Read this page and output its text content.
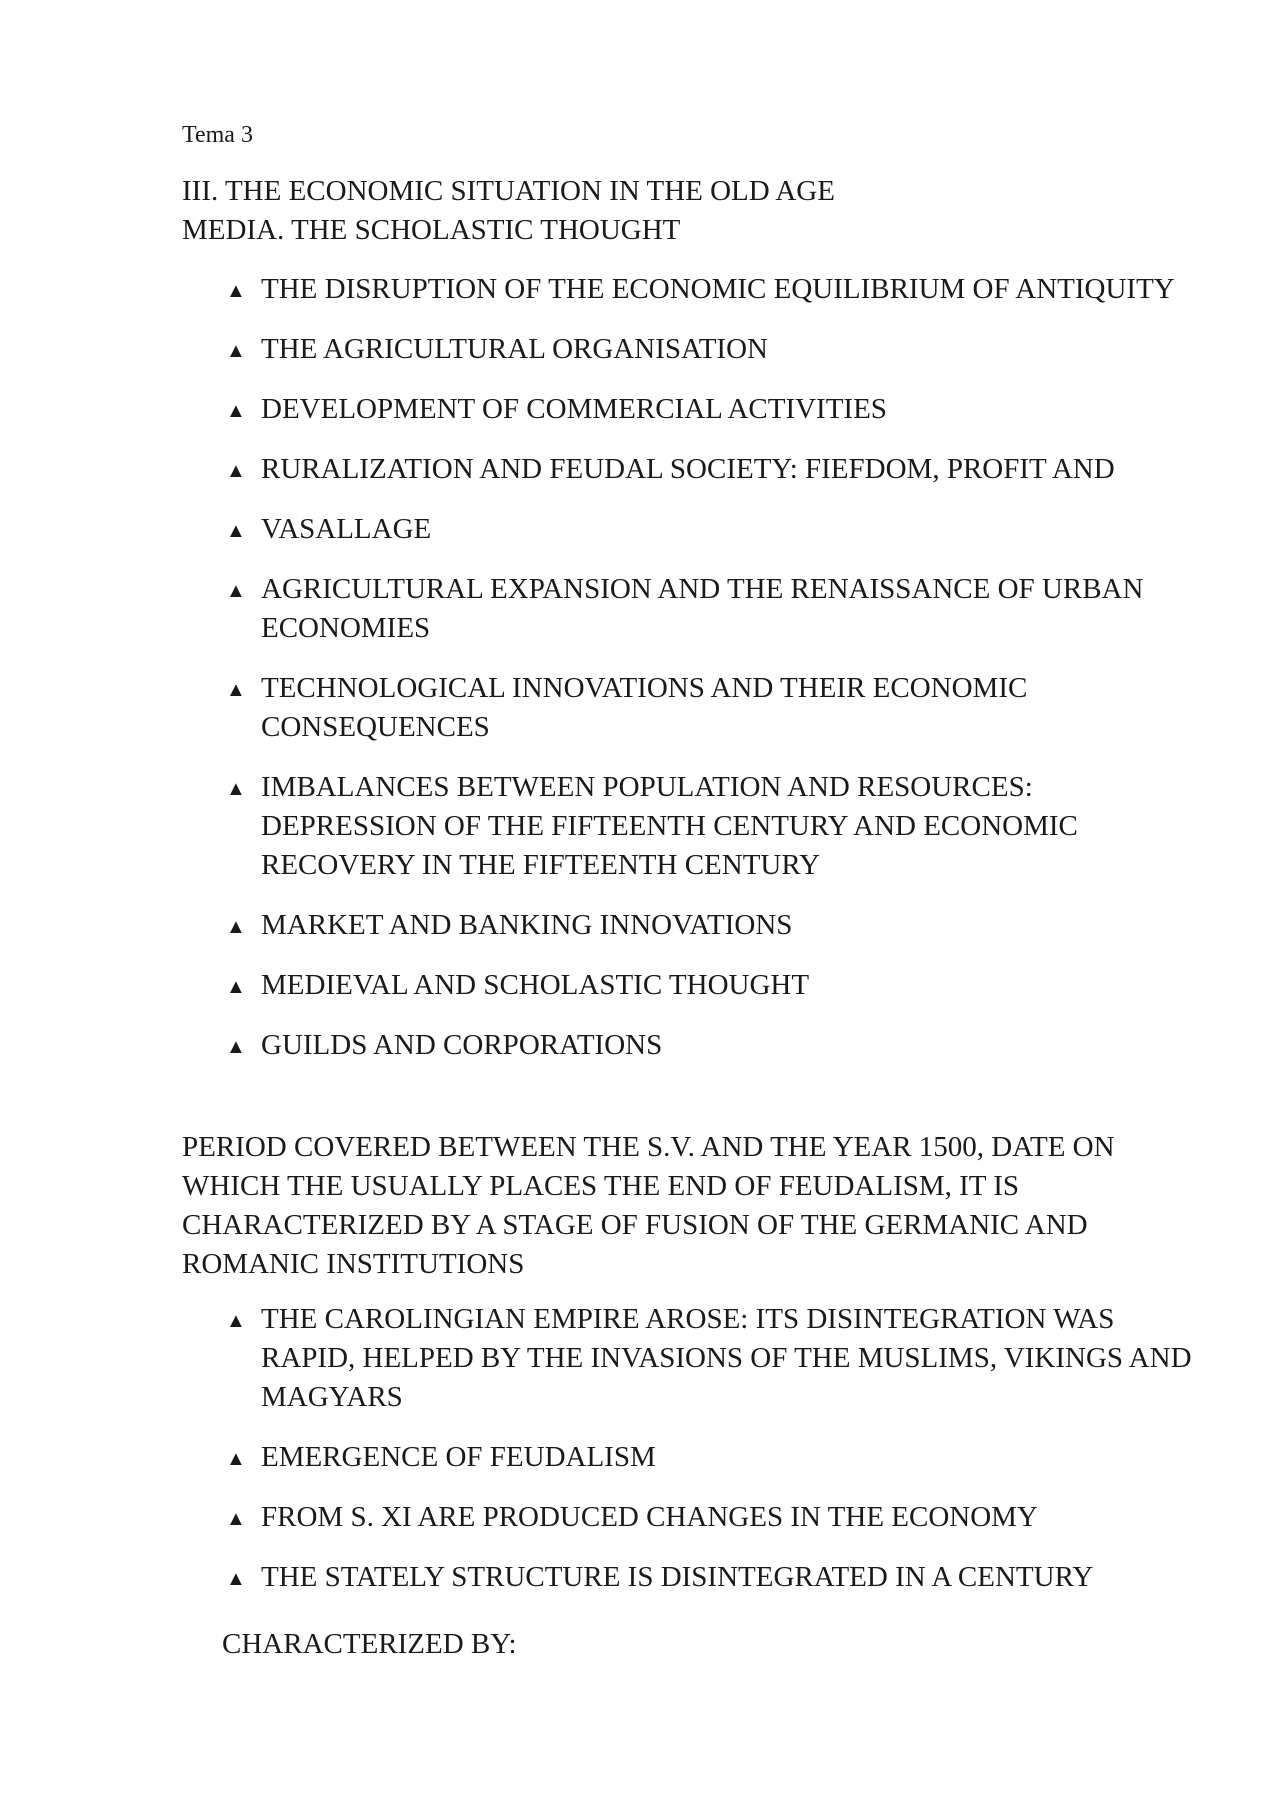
Tema 3
III. THE ECONOMIC SITUATION IN THE OLD AGE
MEDIA. THE SCHOLASTIC THOUGHT
▲ THE DISRUPTION OF THE ECONOMIC EQUILIBRIUM OF ANTIQUITY
▲ THE AGRICULTURAL ORGANISATION
▲ DEVELOPMENT OF COMMERCIAL ACTIVITIES
▲ RURALIZATION AND FEUDAL SOCIETY: FIEFDOM, PROFIT AND
▲ VASALLAGE
▲ AGRICULTURAL EXPANSION AND THE RENAISSANCE OF URBAN ECONOMIES
▲ TECHNOLOGICAL INNOVATIONS AND THEIR ECONOMIC CONSEQUENCES
▲ IMBALANCES BETWEEN POPULATION AND RESOURCES: DEPRESSION OF THE FIFTEENTH CENTURY AND ECONOMIC RECOVERY IN THE FIFTEENTH CENTURY
▲ MARKET AND BANKING INNOVATIONS
▲ MEDIEVAL AND SCHOLASTIC THOUGHT
▲ GUILDS AND CORPORATIONS
PERIOD COVERED BETWEEN THE S.V. AND THE YEAR 1500, DATE ON WHICH THE USUALLY PLACES THE END OF FEUDALISM, IT IS CHARACTERIZED BY A STAGE OF FUSION OF THE GERMANIC AND ROMANIC INSTITUTIONS
▲ THE CAROLINGIAN EMPIRE AROSE: ITS DISINTEGRATION WAS RAPID, HELPED BY THE INVASIONS OF THE MUSLIMS, VIKINGS AND MAGYARS
▲ EMERGENCE OF FEUDALISM
▲ FROM S. XI ARE PRODUCED CHANGES IN THE ECONOMY
▲ THE STATELY STRUCTURE IS DISINTEGRATED IN A CENTURY
CHARACTERIZED BY:
